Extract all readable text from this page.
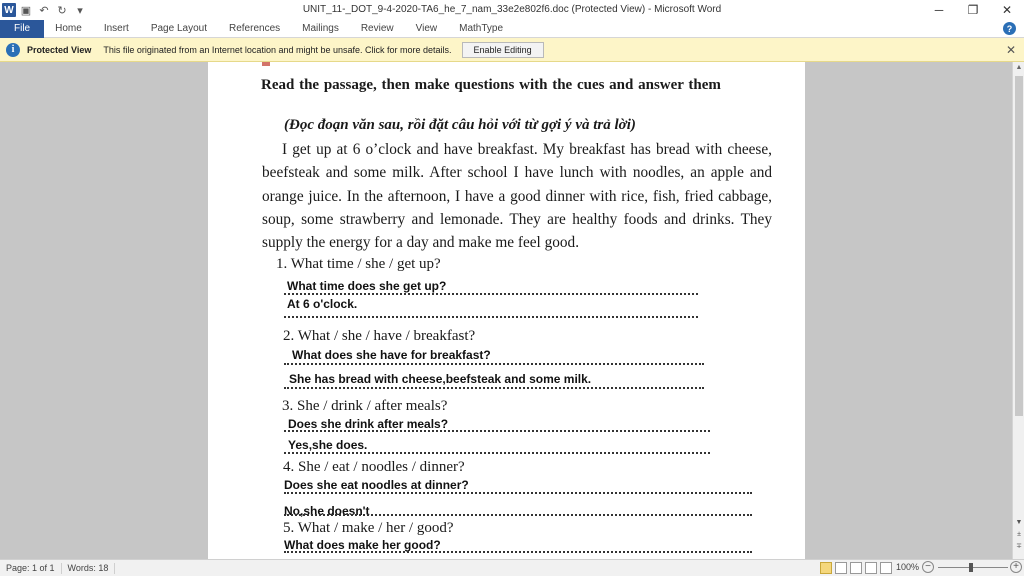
W ▣ ↶ ↻ ▾	UNIT_11-_DOT_9-4-2020-TA6_he_7_nam_33e2e802f6.doc (Protected View) - Microsoft Word	─	❐	✕
File	Home	Insert	Page Layout	References	Mailings	Review	View	MathType	?
i	Protected View This file originated from an Internet location and might be unsafe. Click for more details.	Enable Editing	✕
Read the passage, then make questions with the cues and answer them
(Đọc đoạn văn sau, rồi đặt câu hỏi với từ gợi ý và trả lời)
I get up at 6 o’clock and have breakfast. My breakfast has bread with cheese, beefsteak and some milk. After school I have lunch with noodles, an apple and orange juice. In the afternoon, I have a good dinner with rice, fish, fried cabbage, soup, some strawberry and lemonade. They are healthy foods and drinks. They supply the energy for a day and make me feel good.
1. What time / she / get up?
What time does she get up?
At 6 o'clock.
2. What / she / have / breakfast?
What does she have for breakfast?
She has bread with cheese,beefsteak and some milk.
3. She / drink / after meals?
Does she drink after meals?
Yes,she does.
4. She / eat / noodles / dinner?
Does she eat noodles at dinner?
No,she doesn't
5. What / make / her / good?
What does make her good?
▲
▼
±
∓
Page: 1 of 1	Words: 18	100% −	+
